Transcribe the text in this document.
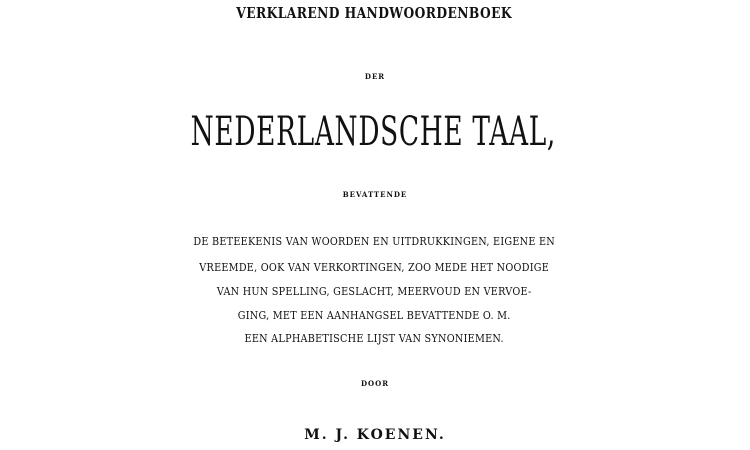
VERKLAREND HANDWOORDENBOEK
DER
NEDERLANDSCHE TAAL,
BEVATTENDE
DE BETEEKENIS VAN WOORDEN EN UITDRUKKINGEN, EIGENE EN
VREEMDE, OOK VAN VERKORTINGEN, ZOO MEDE HET NOODIGE
VAN HUN SPELLING, GESLACHT, MEERVOUD EN VERVOE-
GING, MET EEN AANHANGSEL BEVATTENDE O. M.
EEN ALPHABETISCHE LIJST VAN SYNONIEMEN.
DOOR
M. J. KOENEN.
